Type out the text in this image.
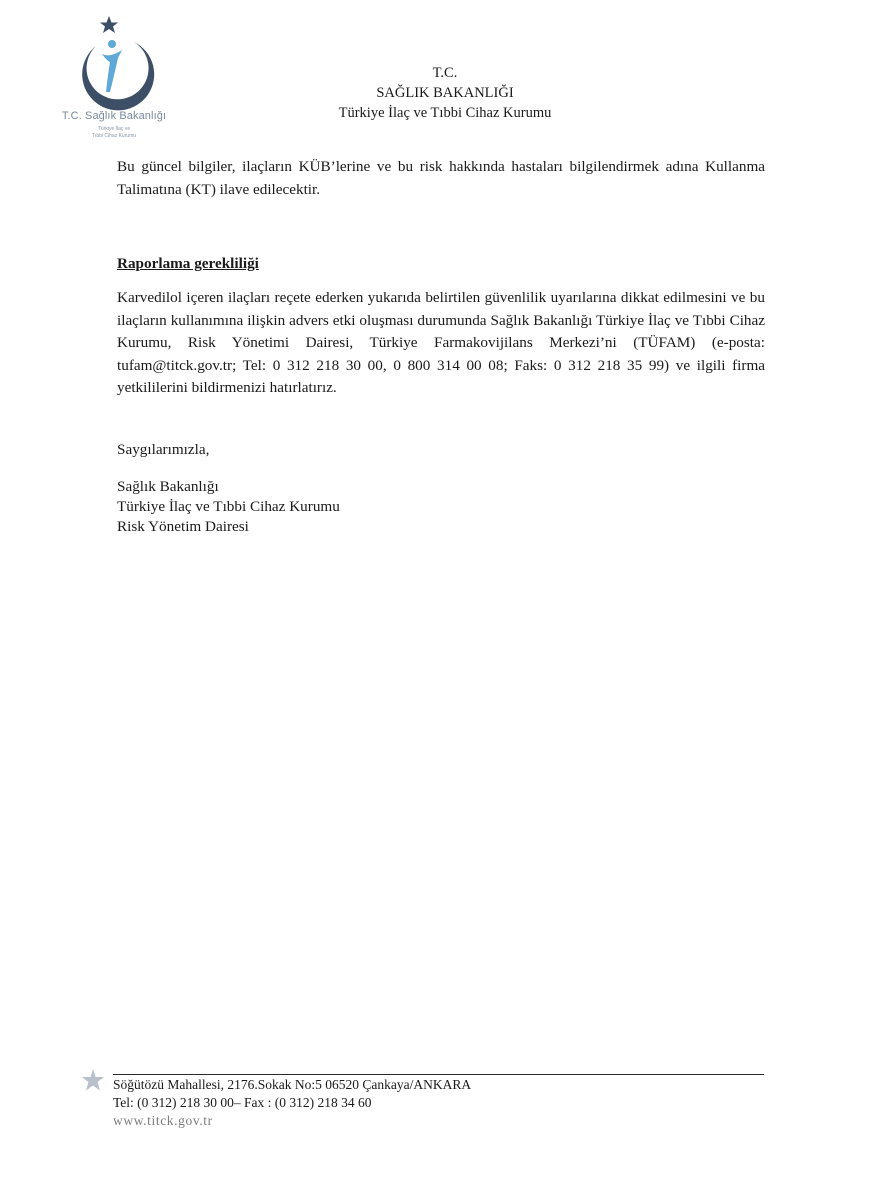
T.C. Sağlık Bakanlığı
Türkiye İlaç ve
Tıbbi Cihaz Kurumu
T.C.
SAĞLIK BAKANLIĞI
Türkiye İlaç ve Tıbbi Cihaz Kurumu
Bu güncel bilgiler, ilaçların KÜB’lerine ve bu risk hakkında hastaları bilgilendirmek adına Kullanma Talimatına (KT) ilave edilecektir.
Raporlama gerekliliği
Karvedilol içeren ilaçları reçete ederken yukarıda belirtilen güvenlilik uyarılarına dikkat edilmesini ve bu ilaçların kullanımına ilişkin advers etki oluşması durumunda Sağlık Bakanlığı Türkiye İlaç ve Tıbbi Cihaz Kurumu, Risk Yönetimi Dairesi, Türkiye Farmakovijilans Merkezi’ni (TÜFAM) (e-posta: tufam@titck.gov.tr; Tel: 0 312 218 30 00, 0 800 314 00 08; Faks: 0 312 218 35 99) ve ilgili firma yetkililerini bildirmenizi hatırlatırız.
Saygılarımızla,
Sağlık Bakanlığı
Türkiye İlaç ve Tıbbi Cihaz Kurumu
Risk Yönetim Dairesi
Söğütözü Mahallesi, 2176.Sokak No:5 06520 Çankaya/ANKARA
Tel: (0 312) 218 30 00– Fax : (0 312) 218 34 60
www.titck.gov.tr
